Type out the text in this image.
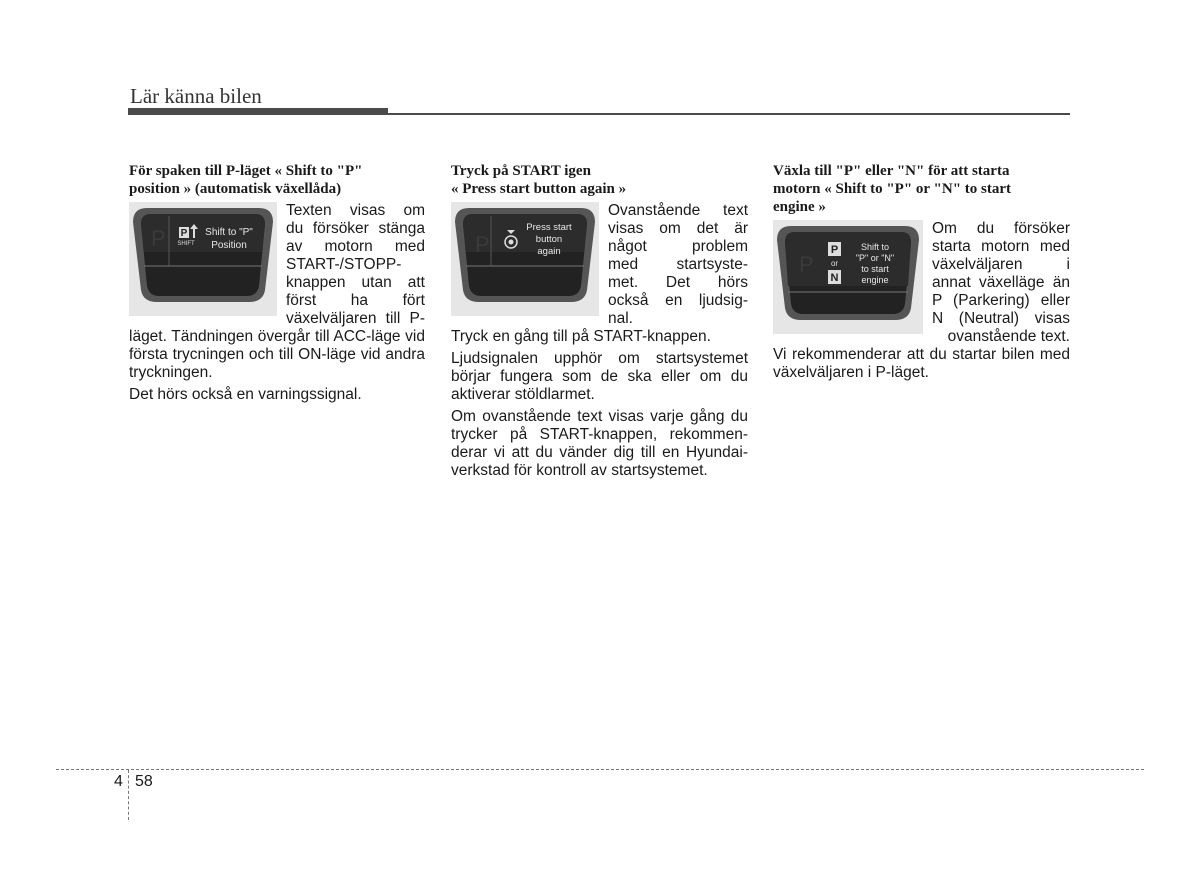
Lär känna bilen
För spaken till P-läget « Shift to "P"
position » (automatisk växellåda)
P P
SHIFT
Shift to "P"
Position
Texten visas om
du försöker stänga
av motorn med
START-/STOPP-
knappen utan att
först ha fört
växelväljaren till P-

läget. Tändningen övergår till ACC-läge vid första trycningen och till ON-läge vid andra tryckningen.

Det hörs också en varningssignal.

Tryck på START igen
« Press start button again »
P
Press start
button
again
Ovanstående text
visas om det är
något problem
med startsyste-
met. Det hörs
också en ljudsig-
nal.

Tryck en gång till på START-knappen.

Ljudsignalen upphör om startsystemet börjar fungera som de ska eller om du aktiverar stöldlarmet.

Om ovanstående text visas varje gång du trycker på START-knappen, rekommen-derar vi att du vänder dig till en Hyundai-verkstad för kontroll av startsystemet.

Växla till "P" eller "N" för att starta
motorn « Shift to "P" or "N" to start
engine »
P
P
or
N
Shift to
"P" or "N"
to start
engine
Om du försöker
starta motorn med
växelväljaren i
annat växelläge än
P (Parkering) eller
N (Neutral) visas
ovanstående text.

Vi rekommenderar att du startar bilen med växelväljaren i P-läget.

4 58
